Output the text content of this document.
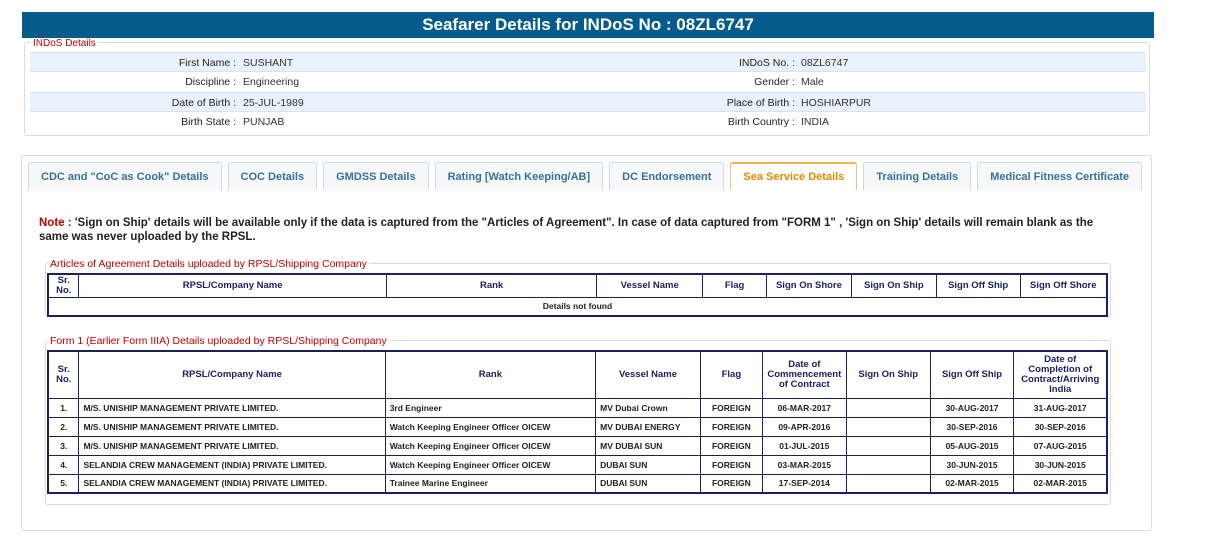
Seafarer Details for INDoS No : 08ZL6747
INDoS Details
First Name : SUSHANT	INDoS No. : 08ZL6747
Discipline : Engineering	Gender : Male
Date of Birth : 25-JUL-1989	Place of Birth : HOSHIARPUR
Birth State : PUNJAB	Birth Country : INDIA
CDC and "CoC as Cook" Details	COC Details	GMDSS Details	Rating [Watch Keeping/AB]	DC Endorsement	Sea Service Details	Training Details	Medical Fitness Certificate
Note : 'Sign on Ship' details will be available only if the data is captured from the "Articles of Agreement". In case of data captured from "FORM 1" , 'Sign on Ship' details will remain blank as the same was never uploaded by the RPSL.
Articles of Agreement Details uploaded by RPSL/Shipping Company
Sr. No.	RPSL/Company Name	Rank	Vessel Name	Flag	Sign On Shore	Sign On Ship	Sign Off Ship	Sign Off Shore
Details not found
Form 1 (Earlier Form IIIA) Details uploaded by RPSL/Shipping Company
Sr. No.	RPSL/Company Name	Rank	Vessel Name	Flag	Date of Commencement of Contract	Sign On Ship	Sign Off Ship	Date of Completion of Contract/Arriving India
1.	M/S. UNISHIP MANAGEMENT PRIVATE LIMITED.	3rd Engineer	MV Dubai Crown	FOREIGN	06-MAR-2017		30-AUG-2017	31-AUG-2017
2.	M/S. UNISHIP MANAGEMENT PRIVATE LIMITED.	Watch Keeping Engineer Officer OICEW	MV DUBAI ENERGY	FOREIGN	09-APR-2016		30-SEP-2016	30-SEP-2016
3.	M/S. UNISHIP MANAGEMENT PRIVATE LIMITED.	Watch Keeping Engineer Officer OICEW	MV DUBAI SUN	FOREIGN	01-JUL-2015		05-AUG-2015	07-AUG-2015
4.	SELANDIA CREW MANAGEMENT (INDIA) PRIVATE LIMITED.	Watch Keeping Engineer Officer OICEW	DUBAI SUN	FOREIGN	03-MAR-2015		30-JUN-2015	30-JUN-2015
5.	SELANDIA CREW MANAGEMENT (INDIA) PRIVATE LIMITED.	Trainee Marine Engineer	DUBAI SUN	FOREIGN	17-SEP-2014		02-MAR-2015	02-MAR-2015
